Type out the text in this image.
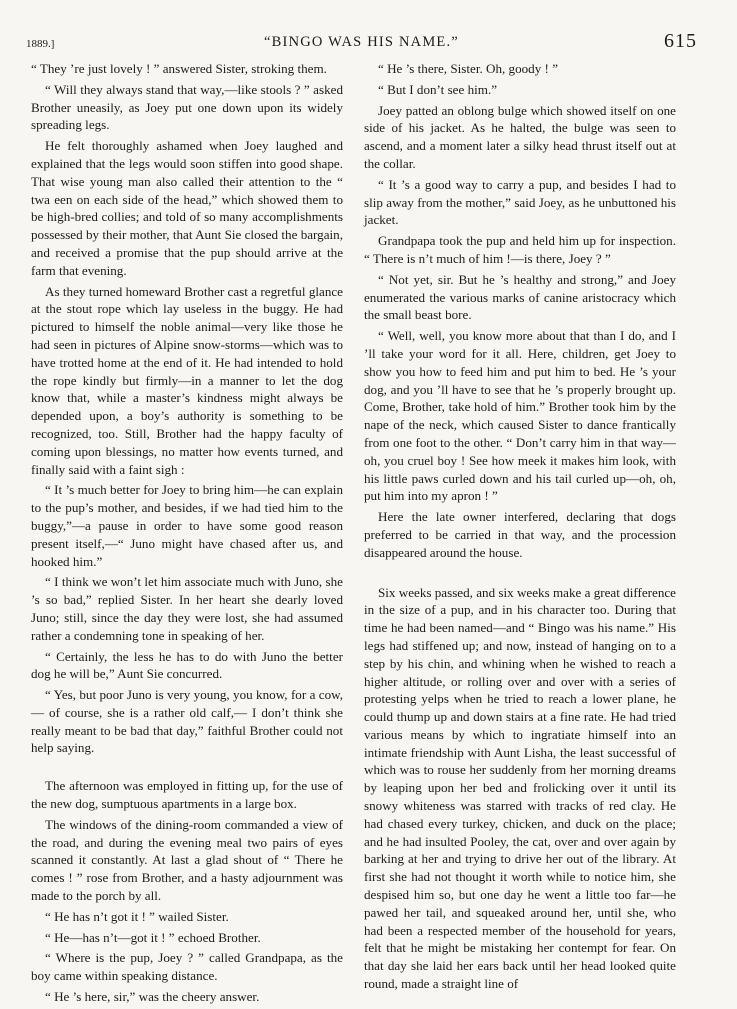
1889.]	“BINGO WAS HIS NAME.”	615

“ They ’re just lovely ! ” answered Sister, stroking them.

“ Will they always stand that way,—like stools ? ” asked Brother uneasily, as Joey put one down upon its widely spreading legs.

He felt thoroughly ashamed when Joey laughed and explained that the legs would soon stiffen into good shape. That wise young man also called their attention to the “ twa een on each side of the head,” which showed them to be high-bred collies; and told of so many accomplishments possessed by their mother, that Aunt Sie closed the bargain, and received a promise that the pup should arrive at the farm that evening.

As they turned homeward Brother cast a regretful glance at the stout rope which lay useless in the buggy. He had pictured to himself the noble animal—very like those he had seen in pictures of Alpine snow-storms—which was to have trotted home at the end of it. He had intended to hold the rope kindly but firmly—in a manner to let the dog know that, while a master’s kindness might always be depended upon, a boy’s authority is something to be recognized, too. Still, Brother had the happy faculty of coming upon blessings, no matter how events turned, and finally said with a faint sigh :

“ It ’s much better for Joey to bring him—he can explain to the pup’s mother, and besides, if we had tied him to the buggy,”—a pause in order to have some good reason present itself,—“ Juno might have chased after us, and hooked him.”

“ I think we won’t let him associate much with Juno, she ’s so bad,” replied Sister. In her heart she dearly loved Juno; still, since the day they were lost, she had assumed rather a condemning tone in speaking of her.

“ Certainly, the less he has to do with Juno the better dog he will be,” Aunt Sie concurred.

“ Yes, but poor Juno is very young, you know, for a cow,— of course, she is a rather old calf,— I don’t think she really meant to be bad that day,” faithful Brother could not help saying.

The afternoon was employed in fitting up, for the use of the new dog, sumptuous apartments in a large box.

The windows of the dining-room commanded a view of the road, and during the evening meal two pairs of eyes scanned it constantly. At last a glad shout of “ There he comes ! ” rose from Brother, and a hasty adjournment was made to the porch by all.

“ He has n’t got it ! ” wailed Sister.

“ He—has n’t—got it ! ” echoed Brother.

“ Where is the pup, Joey ? ” called Grandpapa, as the boy came within speaking distance.

“ He ’s here, sir,” was the cheery answer.

“ He ’s there, Sister. Oh, goody ! ”

“ But I don’t see him.”

Joey patted an oblong bulge which showed itself on one side of his jacket. As he halted, the bulge was seen to ascend, and a moment later a silky head thrust itself out at the collar.

“ It ’s a good way to carry a pup, and besides I had to slip away from the mother,” said Joey, as he unbuttoned his jacket.

Grandpapa took the pup and held him up for inspection. “ There is n’t much of him !—is there, Joey ? ”

“ Not yet, sir. But he ’s healthy and strong,” and Joey enumerated the various marks of canine aristocracy which the small beast bore.

“ Well, well, you know more about that than I do, and I ’ll take your word for it all. Here, children, get Joey to show you how to feed him and put him to bed. He ’s your dog, and you ’ll have to see that he ’s properly brought up. Come, Brother, take hold of him.” Brother took him by the nape of the neck, which caused Sister to dance frantically from one foot to the other. “ Don’t carry him in that way—oh, you cruel boy ! See how meek it makes him look, with his little paws curled down and his tail curled up—oh, oh, put him into my apron ! ”

Here the late owner interfered, declaring that dogs preferred to be carried in that way, and the procession disappeared around the house.

Six weeks passed, and six weeks make a great difference in the size of a pup, and in his character too. During that time he had been named—and “ Bingo was his name.” His legs had stiffened up; and now, instead of hanging on to a step by his chin, and whining when he wished to reach a higher altitude, or rolling over and over with a series of protesting yelps when he tried to reach a lower plane, he could thump up and down stairs at a fine rate. He had tried various means by which to ingratiate himself into an intimate friendship with Aunt Lisha, the least successful of which was to rouse her suddenly from her morning dreams by leaping upon her bed and frolicking over it until its snowy whiteness was starred with tracks of red clay. He had chased every turkey, chicken, and duck on the place; and he had insulted Pooley, the cat, over and over again by barking at her and trying to drive her out of the library. At first she had not thought it worth while to notice him, she despised him so, but one day he went a little too far—he pawed her tail, and squeaked around her, until she, who had been a respected member of the household for years, felt that he might be mistaking her contempt for fear. On that day she laid her ears back until her head looked quite round, made a straight line of
